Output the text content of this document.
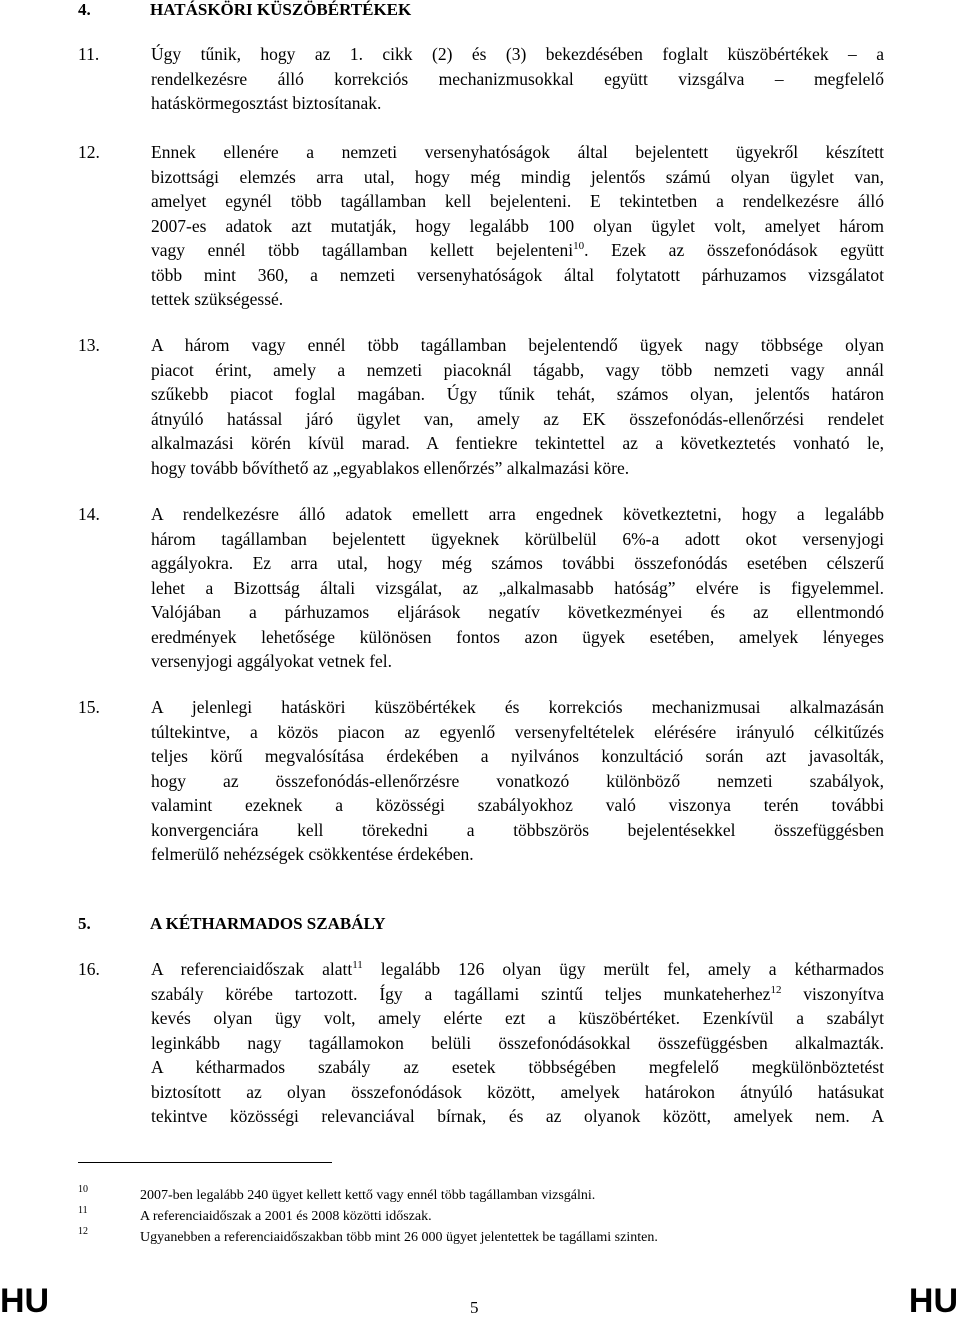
4.	HATÁSKÖRI KÜSZÖBÉRTÉKEK
11.	Úgy tűnik, hogy az 1. cikk (2) és (3) bekezdésében foglalt küszöbértékek – a
rendelkezésre álló korrekciós mechanizmusokkal együtt vizsgálva – megfelelő
hatáskörmegosztást biztosítanak.
12.	Ennek ellenére a nemzeti versenyhatóságok által bejelentett ügyekről készített
bizottsági elemzés arra utal, hogy még mindig jelentős számú olyan ügylet van,
amelyet egynél több tagállamban kell bejelenteni. E tekintetben a rendelkezésre álló
2007-es adatok azt mutatják, hogy legalább 100 olyan ügylet volt, amelyet három
vagy ennél több tagállamban kellett bejelenteni$^{10}$. Ezek az összefonódások együtt
több mint 360, a nemzeti versenyhatóságok által folytatott párhuzamos vizsgálatot
tettek szükségessé.
13.	A három vagy ennél több tagállamban bejelentendő ügyek nagy többsége olyan
piacot érint, amely a nemzeti piacoknál tágabb, vagy több nemzeti vagy annál
szűkebb piacot foglal magában. Úgy tűnik tehát, számos olyan, jelentős határon
átnyúló hatással járó ügylet van, amely az EK összefonódás-ellenőrzési rendelet
alkalmazási körén kívül marad. A fentiekre tekintettel az a következtetés vonható le,
hogy tovább bővíthető az „egyablakos ellenőrzés” alkalmazási köre.
14.	A rendelkezésre álló adatok emellett arra engednek következtetni, hogy a legalább
három tagállamban bejelentett ügyeknek körülbelül 6%-a adott okot versenyjogi
aggályokra. Ez arra utal, hogy még számos további összefonódás esetében célszerű
lehet a Bizottság általi vizsgálat, az „alkalmasabb hatóság” elvére is figyelemmel.
Valójában a párhuzamos eljárások negatív következményei és az ellentmondó
eredmények lehetősége különösen fontos azon ügyek esetében, amelyek lényeges
versenyjogi aggályokat vetnek fel.
15.	A jelenlegi hatásköri küszöbértékek és korrekciós mechanizmusai alkalmazásán
túltekintve, a közös piacon az egyenlő versenyfeltételek elérésére irányuló célkitűzés
teljes körű megvalósítása érdekében a nyilvános konzultáció során azt javasolták,
hogy az összefonódás-ellenőrzésre vonatkozó különböző nemzeti szabályok,
valamint ezeknek a közösségi szabályokhoz való viszonya terén további
konvergenciára kell törekedni a többszörös bejelentésekkel összefüggésben
felmerülő nehézségek csökkentése érdekében.
5.	A KÉTHARMADOS SZABÁLY
16.	A referenciaidőszak alatt$^{11}$ legalább 126 olyan ügy merült fel, amely a kétharmados
szabály körébe tartozott. Így a tagállami szintű teljes munkateherhez$^{12}$ viszonyítva
kevés olyan ügy volt, amely elérte ezt a küszöbértéket. Ezenkívül a szabályt
leginkább nagy tagállamokon belüli összefonódásokkal összefüggésben alkalmazták.
A kétharmados szabály az esetek többségében megfelelő megkülönböztetést
biztosított az olyan összefonódások között, amelyek határokon átnyúló hatásukat
tekintve közösségi relevanciával bírnak, és az olyanok között, amelyek nem. A
10	2007-ben legalább 240 ügyet kellett kettő vagy ennél több tagállamban vizsgálni.
11	A referenciaidőszak a 2001 és 2008 közötti időszak.
12	Ugyanebben a referenciaidőszakban több mint 26 000 ügyet jelentettek be tagállami szinten.
HU	5	HU
